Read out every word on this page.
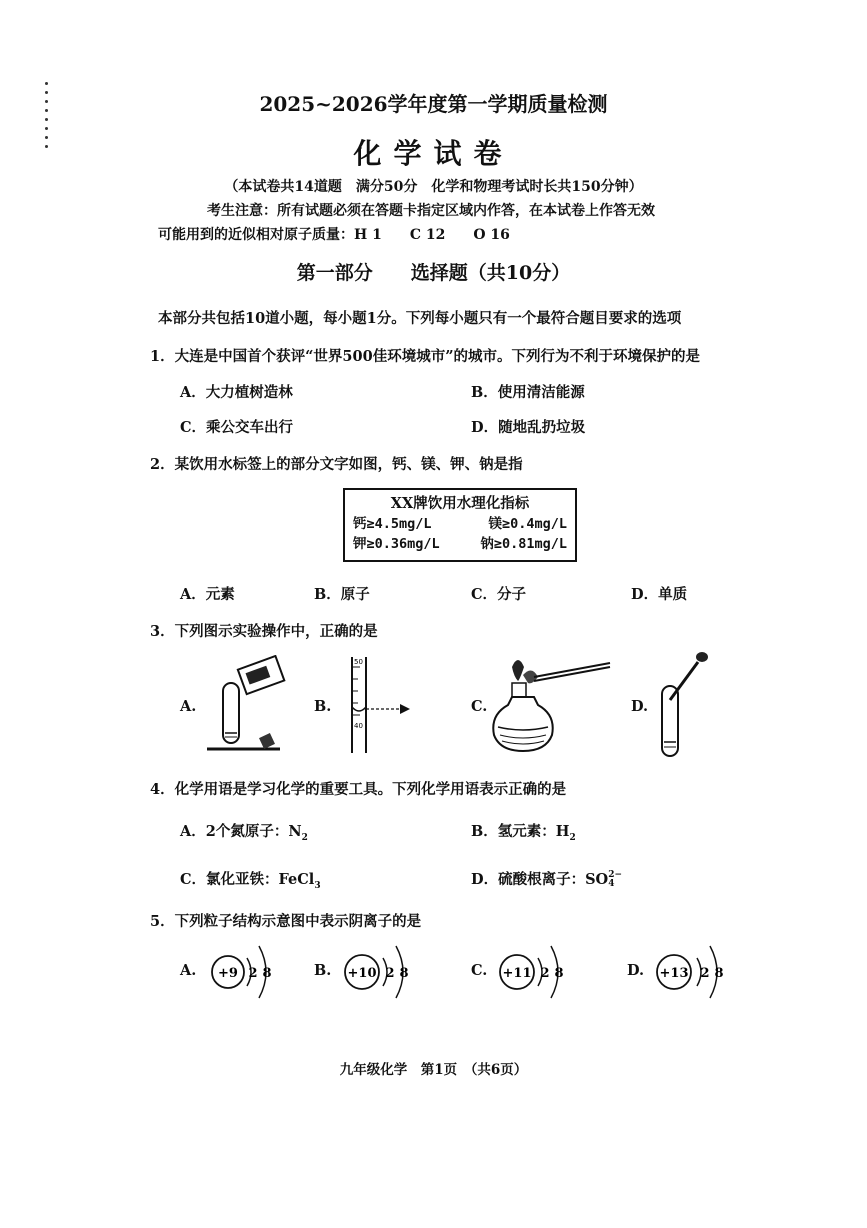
2025~2026学年度第一学期质量检测
化学试卷
（本试卷共14道题　满分50分　化学和物理考试时长共150分钟）
考生注意：所有试题必须在答题卡指定区域内作答，在本试卷上作答无效
可能用到的近似相对原子质量：H 1　　C 12　　O 16
第一部分　　选择题（共10分）
本部分共包括10道小题，每小题1分。下列每小题只有一个最符合题目要求的选项
1．大连是中国首个获评“世界500佳环境城市”的城市。下列行为不利于环境保护的是
A．大力植树造林	B．使用清洁能源
C．乘公交车出行	D．随地乱扔垃圾
2．某饮用水标签上的部分文字如图，钙、镁、钾、钠是指
XX牌饮用水理化指标
钙≥4.5mg/L	镁≥0.4mg/L
钾≥0.36mg/L	钠≥0.81mg/L
A．元素	B．原子	C．分子	D．单质
3．下列图示实验操作中，正确的是
A.	B.	C.	D.
50
40
4．化学用语是学习化学的重要工具。下列化学用语表示正确的是
A．2个氮原子：$N_2$	B．氢元素：$H_2$
C．氯化亚铁：FeCl$_3$	D．硫酸根离子：SO 2−
4
5．下列粒子结构示意图中表示阴离子的是
A. +9 2 8	B. +10 2 8	C. +11 2 8	D. +13 2 8
九年级化学　第1页　（共6页）
